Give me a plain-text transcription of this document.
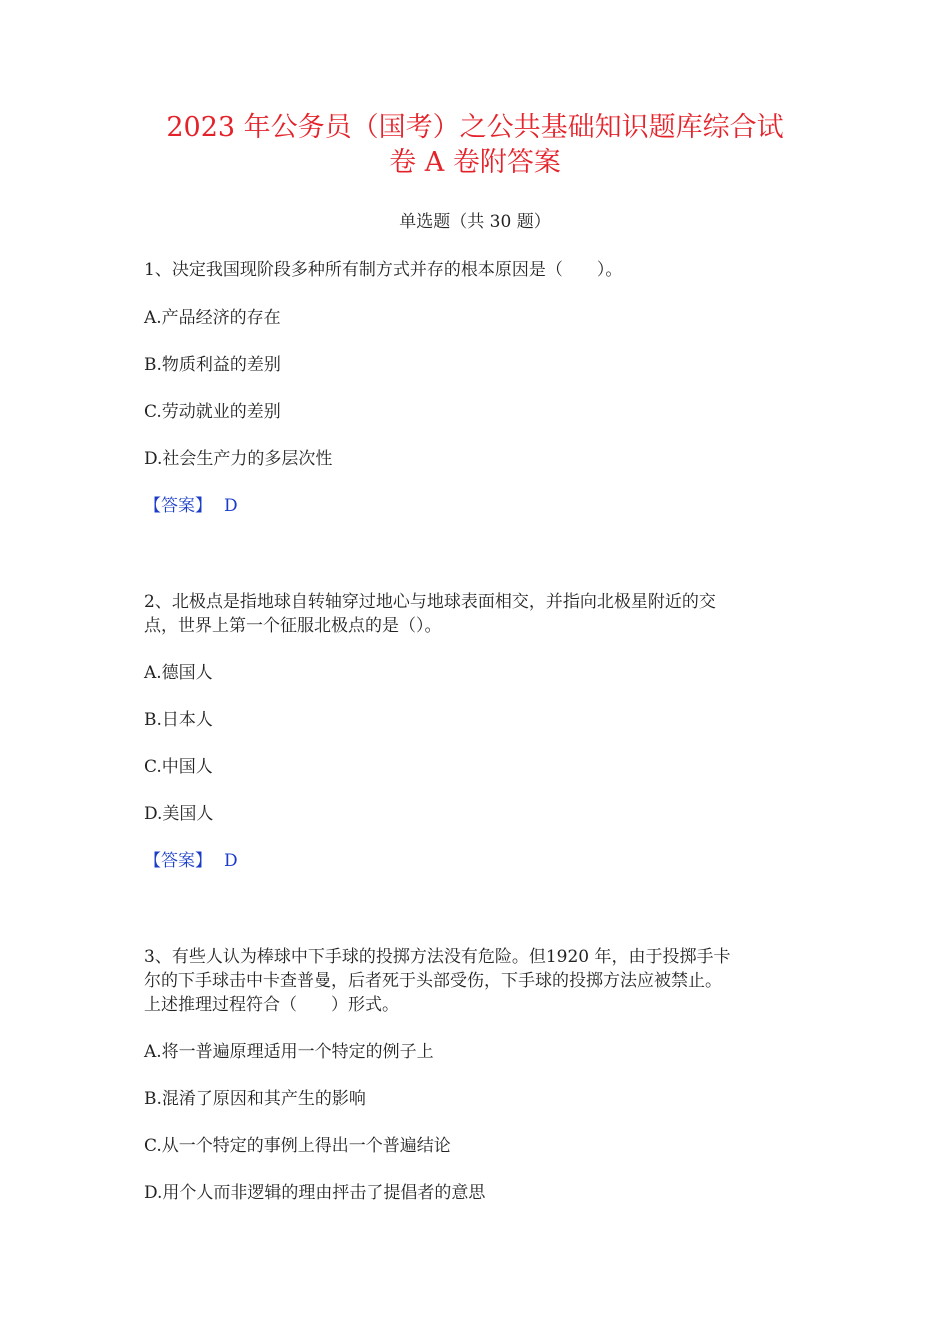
2023 年公务员（国考）之公共基础知识题库综合试
卷 A 卷附答案
单选题（共 30 题）
1、决定我国现阶段多种所有制方式并存的根本原因是（　　）。
A.产品经济的存在
B.物质利益的差别
C.劳动就业的差别
D.社会生产力的多层次性
【答案】 D
2、北极点是指地球自转轴穿过地心与地球表面相交，并指向北极星附近的交
点，世界上第一个征服北极点的是（）。
A.德国人
B.日本人
C.中国人
D.美国人
【答案】 D
3、有些人认为棒球中下手球的投掷方法没有危险。但1920 年，由于投掷手卡
尔的下手球击中卡查普曼，后者死于头部受伤，下手球的投掷方法应被禁止。
上述推理过程符合（　　）形式。
A.将一普遍原理适用一个特定的例子上
B.混淆了原因和其产生的影响
C.从一个特定的事例上得出一个普遍结论
D.用个人而非逻辑的理由抨击了提倡者的意思
